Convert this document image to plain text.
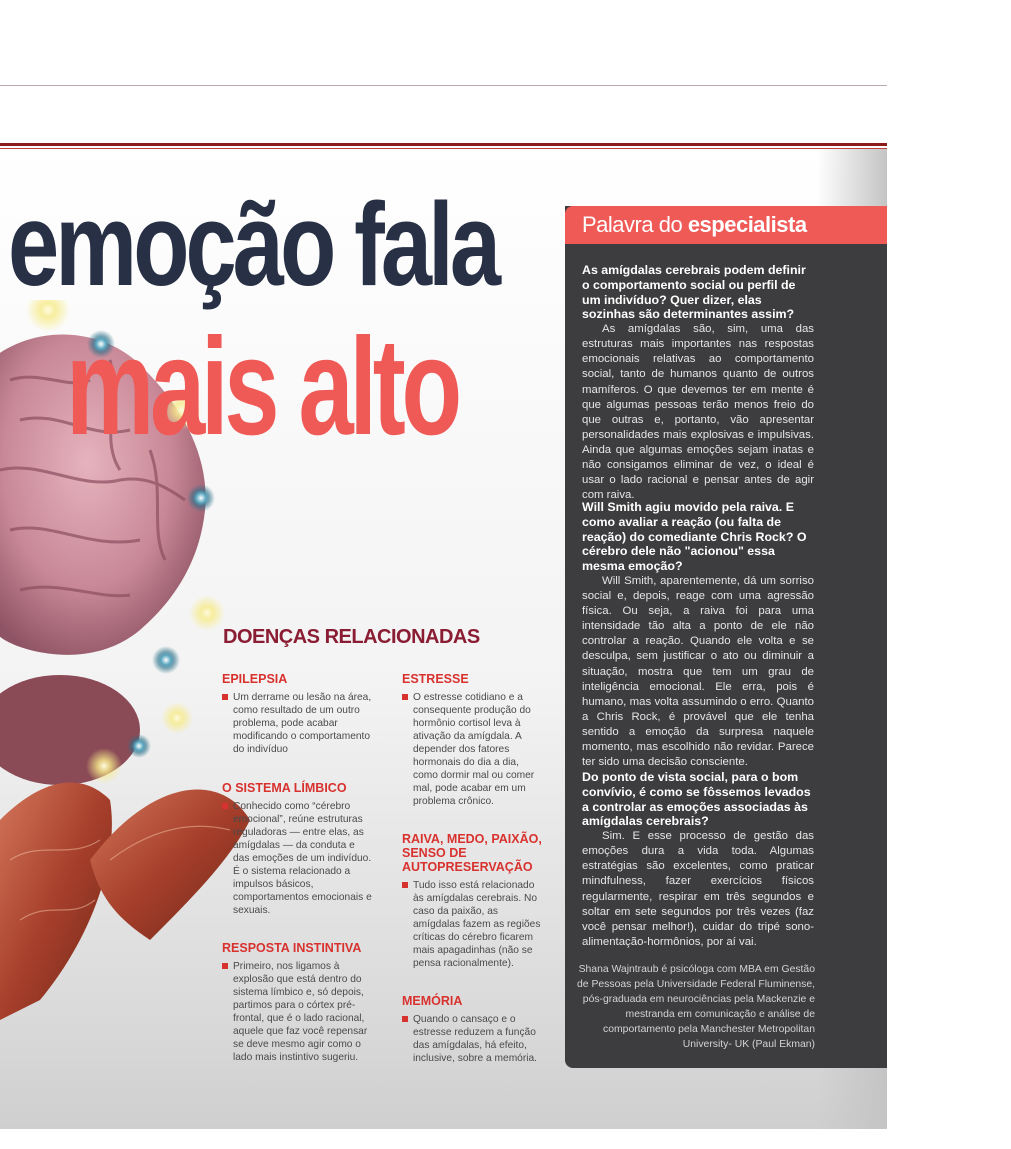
emoção fala
mais alto
DOENÇAS RELACIONADAS

EPILEPSIA

Um derrame ou lesão na área, como resultado de um outro problema, pode acabar modificando o comportamento do indivíduo

O SISTEMA LÍMBICO

Conhecido como “cérebro emocional”, reúne estruturas reguladoras — entre elas, as amígdalas — da conduta e das emoções de um indivíduo. É o sistema relacionado a impulsos básicos, comportamentos emocionais e sexuais.

RESPOSTA INSTINTIVA

Primeiro, nos ligamos à explosão que está dentro do sistema límbico e, só depois, partimos para o córtex pré-frontal, que é o lado racional, aquele que faz você repensar se deve mesmo agir como o lado mais instintivo sugeriu.

ESTRESSE

O estresse cotidiano e a consequente produção do hormônio cortisol leva à ativação da amígdala. A depender dos fatores hormonais do dia a dia, como dormir mal ou comer mal, pode acabar em um problema crônico.

RAIVA, MEDO, PAIXÃO, SENSO DE AUTOPRESERVAÇÃO

Tudo isso está relacionado às amígdalas cerebrais. No caso da paixão, as amígdalas fazem as regiões críticas do cérebro ficarem mais apagadinhas (não se pensa racionalmente).

MEMÓRIA

Quando o cansaço e o estresse reduzem a função das amígdalas, há efeito, inclusive, sobre a memória.

Palavra do especialista

As amígdalas cerebrais podem definir o comportamento social ou perfil de um indivíduo? Quer dizer, elas sozinhas são determinantes assim?

As amígdalas são, sim, uma das estruturas mais importantes nas respostas emocionais relativas ao comportamento social, tanto de humanos quanto de outros mamíferos. O que devemos ter em mente é que algumas pessoas terão menos freio do que outras e, portanto, vão apresentar personalidades mais explosivas e impulsivas. Ainda que algumas emoções sejam inatas e não consigamos eliminar de vez, o ideal é usar o lado racional e pensar antes de agir com raiva.

Will Smith agiu movido pela raiva. E como avaliar a reação (ou falta de reação) do comediante Chris Rock? O cérebro dele não "acionou" essa mesma emoção?

Will Smith, aparentemente, dá um sorriso social e, depois, reage com uma agressão física. Ou seja, a raiva foi para uma intensidade tão alta a ponto de ele não controlar a reação. Quando ele volta e se desculpa, sem justificar o ato ou diminuir a situação, mostra que tem um grau de inteligência emocional. Ele erra, pois é humano, mas volta assumindo o erro. Quanto a Chris Rock, é provável que ele tenha sentido a emoção da surpresa naquele momento, mas escolhido não revidar. Parece ter sido uma decisão consciente.

Do ponto de vista social, para o bom convívio, é como se fôssemos levados a controlar as emoções associadas às amígdalas cerebrais?

Sim. E esse processo de gestão das emoções dura a vida toda. Algumas estratégias são excelentes, como praticar mindfulness, fazer exercícios físicos regularmente, respirar em três segundos e soltar em sete segundos por três vezes (faz você pensar melhor!), cuidar do tripé sono-alimentação-hormônios, por aí vai.

Shana Wajntraub é psicóloga com MBA em Gestão de Pessoas pela Universidade Federal Fluminense, pós-graduada em neurociências pela Mackenzie e mestranda em comunicação e análise de comportamento pela Manchester Metropolitan University- UK (Paul Ekman)
